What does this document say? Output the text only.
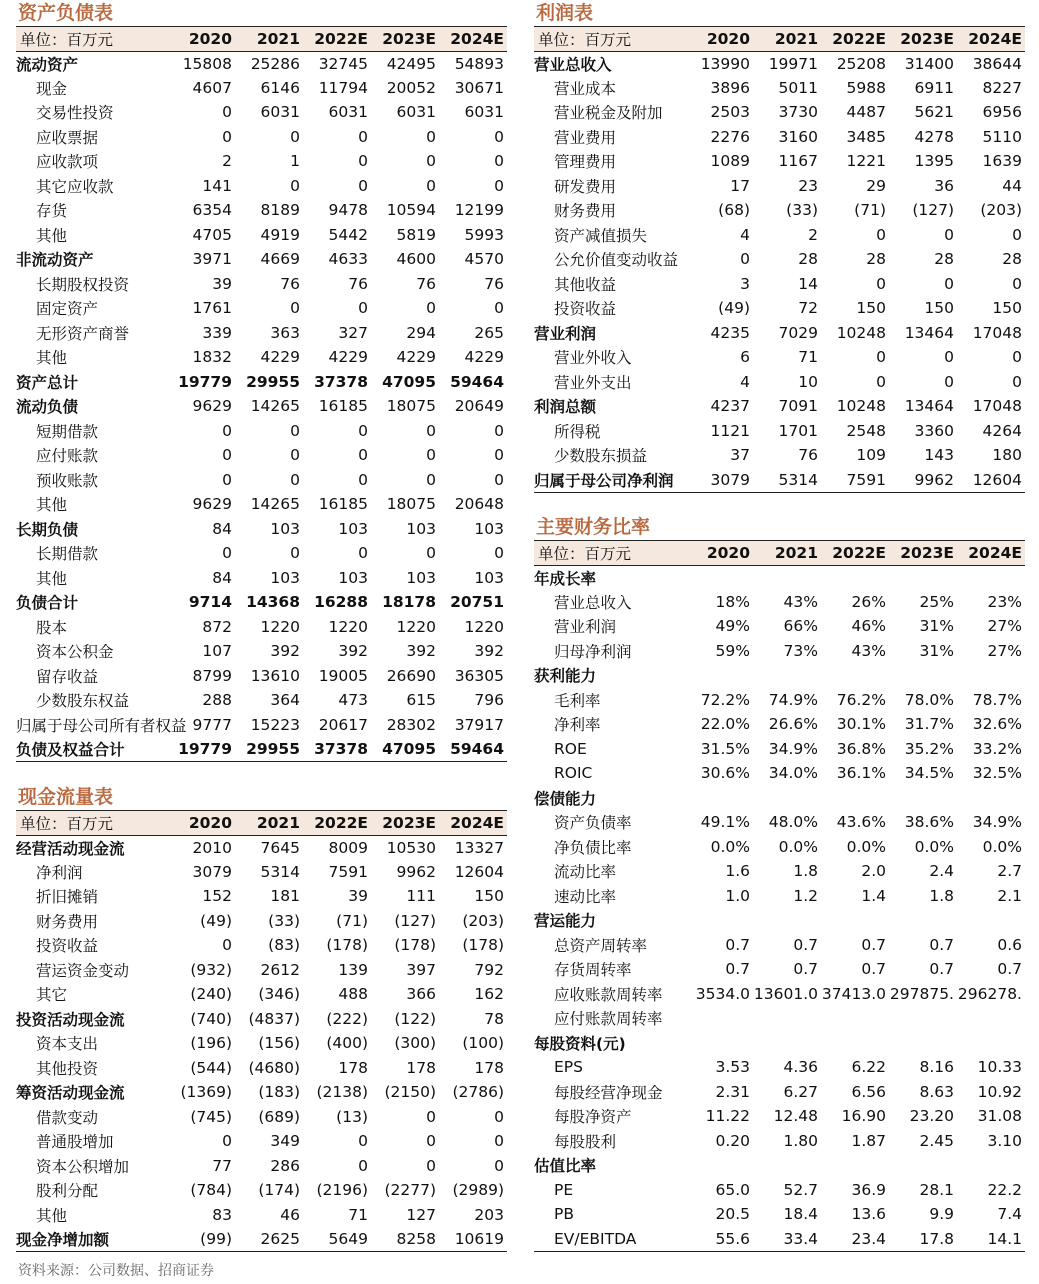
资产负债表
单位：百万元	2020	2021	2022E	2023E	2024E
流动资产	15808	25286	32745	42495	54893
现金	4607	6146	11794	20052	30671
交易性投资	0	6031	6031	6031	6031
应收票据	0	0	0	0	0
应收款项	2	1	0	0	0
其它应收款	141	0	0	0	0
存货	6354	8189	9478	10594	12199
其他	4705	4919	5442	5819	5993
非流动资产	3971	4669	4633	4600	4570
长期股权投资	39	76	76	76	76
固定资产	1761	0	0	0	0
无形资产商誉	339	363	327	294	265
其他	1832	4229	4229	4229	4229
资产总计	19779	29955	37378	47095	59464
流动负债	9629	14265	16185	18075	20649
短期借款	0	0	0	0	0
应付账款	0	0	0	0	0
预收账款	0	0	0	0	0
其他	9629	14265	16185	18075	20648
长期负债	84	103	103	103	103
长期借款	0	0	0	0	0
其他	84	103	103	103	103
负债合计	9714	14368	16288	18178	20751
股本	872	1220	1220	1220	1220
资本公积金	107	392	392	392	392
留存收益	8799	13610	19005	26690	36305
少数股东权益	288	364	473	615	796
归属于母公司所有者权益	9777	15223	20617	28302	37917
负债及权益合计	19779	29955	37378	47095	59464
现金流量表
单位：百万元	2020	2021	2022E	2023E	2024E
经营活动现金流	2010	7645	8009	10530	13327
净利润	3079	5314	7591	9962	12604
折旧摊销	152	181	39	111	150
财务费用	(49)	(33)	(71)	(127)	(203)
投资收益	0	(83)	(178)	(178)	(178)
营运资金变动	(932)	2612	139	397	792
其它	(240)	(346)	488	366	162
投资活动现金流	(740)	(4837)	(222)	(122)	78
资本支出	(196)	(156)	(400)	(300)	(100)
其他投资	(544)	(4680)	178	178	178
筹资活动现金流	(1369)	(183)	(2138)	(2150)	(2786)
借款变动	(745)	(689)	(13)	0	0
普通股增加	0	349	0	0	0
资本公积增加	77	286	0	0	0
股利分配	(784)	(174)	(2196)	(2277)	(2989)
其他	83	46	71	127	203
现金净增加额	(99)	2625	5649	8258	10619
利润表
单位：百万元	2020	2021	2022E	2023E	2024E
营业总收入	13990	19971	25208	31400	38644
营业成本	3896	5011	5988	6911	8227
营业税金及附加	2503	3730	4487	5621	6956
营业费用	2276	3160	3485	4278	5110
管理费用	1089	1167	1221	1395	1639
研发费用	17	23	29	36	44
财务费用	(68)	(33)	(71)	(127)	(203)
资产减值损失	4	2	0	0	0
公允价值变动收益	0	28	28	28	28
其他收益	3	14	0	0	0
投资收益	(49)	72	150	150	150
营业利润	4235	7029	10248	13464	17048
营业外收入	6	71	0	0	0
营业外支出	4	10	0	0	0
利润总额	4237	7091	10248	13464	17048
所得税	1121	1701	2548	3360	4264
少数股东损益	37	76	109	143	180
归属于母公司净利润	3079	5314	7591	9962	12604
主要财务比率
单位：百万元	2020	2021	2022E	2023E	2024E
年成长率					
营业总收入	18%	43%	26%	25%	23%
营业利润	49%	66%	46%	31%	27%
归母净利润	59%	73%	43%	31%	27%
获利能力					
毛利率	72.2%	74.9%	76.2%	78.0%	78.7%
净利率	22.0%	26.6%	30.1%	31.7%	32.6%
ROE	31.5%	34.9%	36.8%	35.2%	33.2%
ROIC	30.6%	34.0%	36.1%	34.5%	32.5%
偿债能力					
资产负债率	49.1%	48.0%	43.6%	38.6%	34.9%
净负债比率	0.0%	0.0%	0.0%	0.0%	0.0%
流动比率	1.6	1.8	2.0	2.4	2.7
速动比率	1.0	1.2	1.4	1.8	2.1
营运能力					
总资产周转率	0.7	0.7	0.7	0.7	0.6
存货周转率	0.7	0.7	0.7	0.7	0.7
应收账款周转率	3534.0	13601.0	37413.0	297875.	296278.
应付账款周转率					
每股资料(元)					
EPS	3.53	4.36	6.22	8.16	10.33
每股经营净现金	2.31	6.27	6.56	8.63	10.92
每股净资产	11.22	12.48	16.90	23.20	31.08
每股股利	0.20	1.80	1.87	2.45	3.10
估值比率					
PE	65.0	52.7	36.9	28.1	22.2
PB	20.5	18.4	13.6	9.9	7.4
EV/EBITDA	55.6	33.4	23.4	17.8	14.1
资料来源：公司数据、招商证券
